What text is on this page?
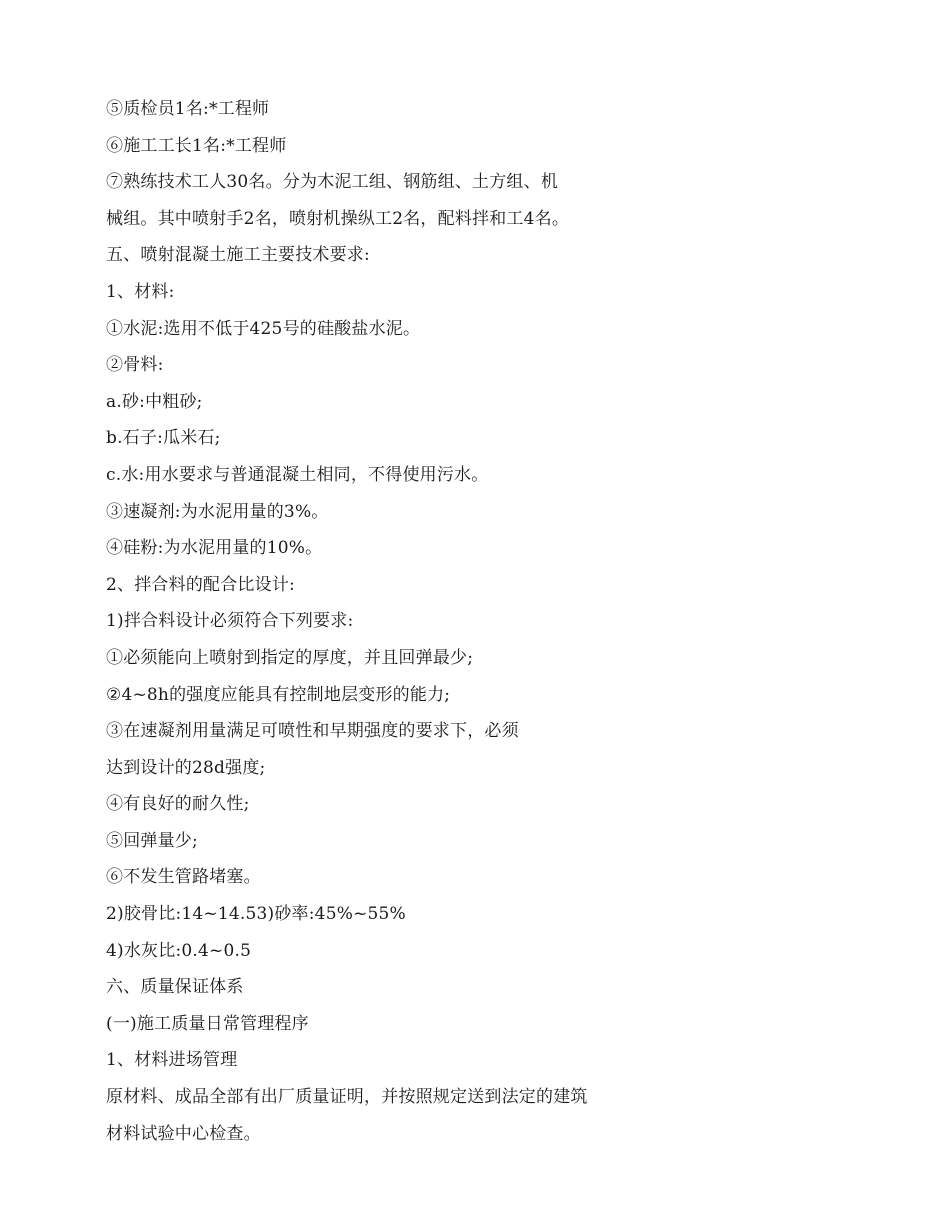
⑤质检员1名:*工程师
⑥施工工长1名:*工程师
⑦熟练技术工人30名。分为木泥工组、钢筋组、土方组、机
械组。其中喷射手2名，喷射机操纵工2名，配料拌和工4名。
五、喷射混凝土施工主要技术要求:
1、材料:
①水泥:选用不低于425号的硅酸盐水泥。
②骨料:
a.砂:中粗砂;
b.石子:瓜米石;
c.水:用水要求与普通混凝土相同，不得使用污水。
③速凝剂:为水泥用量的3%。
④硅粉:为水泥用量的10%。
2、拌合料的配合比设计:
1)拌合料设计必须符合下列要求:
①必须能向上喷射到指定的厚度，并且回弹最少;
②4~8h的强度应能具有控制地层变形的能力;
③在速凝剂用量满足可喷性和早期强度的要求下，必须
达到设计的28d强度;
④有良好的耐久性;
⑤回弹量少;
⑥不发生管路堵塞。
2)胶骨比:14~14.53)砂率:45%~55%
4)水灰比:0.4~0.5
六、质量保证体系
(一)施工质量日常管理程序
1、材料进场管理
原材料、成品全部有出厂质量证明，并按照规定送到法定的建筑
材料试验中心检查。
